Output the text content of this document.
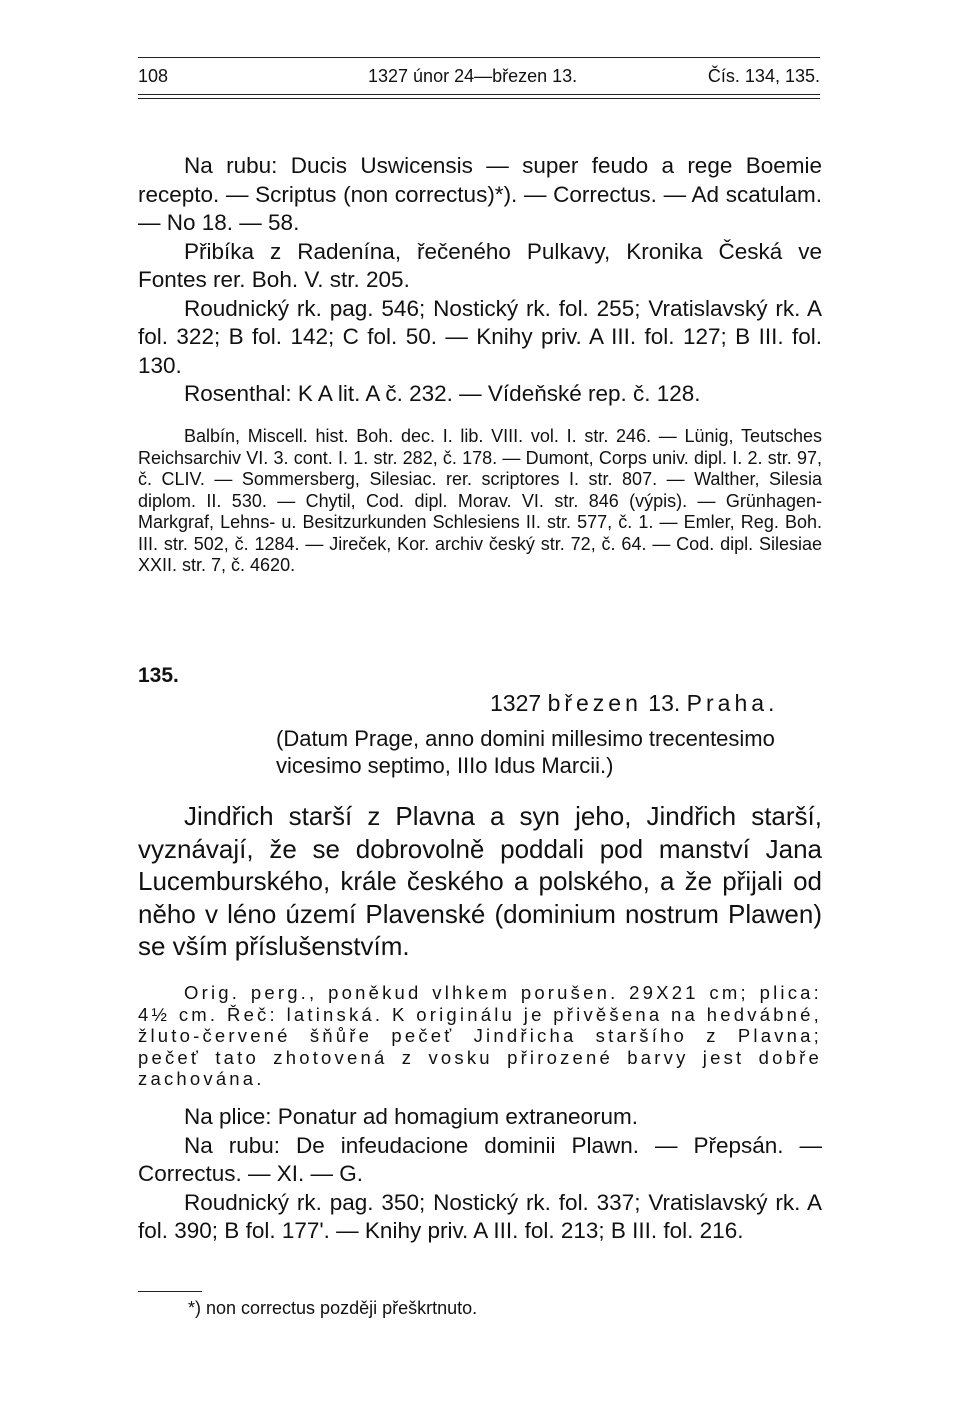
108	1327 únor 24—březen 13.	Čís. 134, 135.

Na rubu: Ducis Uswicensis — super feudo a rege Boemie recepto. — Scriptus (non correctus)*). — Correctus. — Ad scatulam. — No 18. — 58.

Přibíka z Radenína, řečeného Pulkavy, Kronika Česká ve Fontes rer. Boh. V. str. 205.

Roudnický rk. pag. 546; Nostický rk. fol. 255; Vratislavský rk. A fol. 322; B fol. 142; C fol. 50. — Knihy priv. A III. fol. 127; B III. fol. 130.

Rosenthal: K A lit. A č. 232. — Vídeňské rep. č. 128.

Balbín, Miscell. hist. Boh. dec. I. lib. VIII. vol. I. str. 246. — Lünig, Teutsches Reichsarchiv VI. 3. cont. I. 1. str. 282, č. 178. — Dumont, Corps univ. dipl. I. 2. str. 97, č. CLIV. — Sommersberg, Silesiac. rer. scriptores I. str. 807. — Walther, Silesia diplom. II. 530. — Chytil, Cod. dipl. Morav. VI. str. 846 (výpis). — Grünhagen-Markgraf, Lehns- u. Besitzurkunden Schlesiens II. str. 577, č. 1. — Emler, Reg. Boh. III. str. 502, č. 1284. — Jireček, Kor. archiv český str. 72, č. 64. — Cod. dipl. Silesiae XXII. str. 7, č. 4620.

135.
1327 březen 13. Praha.

(Datum Prage, anno domini millesimo trecentesimo vicesimo septimo, IIIo Idus Marcii.)

Jindřich starší z Plavna a syn jeho, Jindřich starší, vyznávají, že se dobrovolně poddali pod manství Jana Lucemburského, krále českého a polského, a že přijali od něho v léno území Plavenské (dominium nostrum Plawen) se vším příslušenstvím.

Orig. perg., poněkud vlhkem porušen. 29X21 cm; plica: 4½ cm. Řeč: latinská. K originálu je přivěšena na hedvábné, žluto-červené šňůře pečeť Jindřicha staršího z Plavna; pečeť tato zhotovená z vosku přirozené barvy jest dobře zachována.

Na plice: Ponatur ad homagium extraneorum.

Na rubu: De infeudacione dominii Plawn. — Přepsán. — Correctus. — XI. — G.

Roudnický rk. pag. 350; Nostický rk. fol. 337; Vratislavský rk. A fol. 390; B fol. 177'. — Knihy priv. A III. fol. 213; B III. fol. 216.

*) non correctus později přeškrtnuto.
